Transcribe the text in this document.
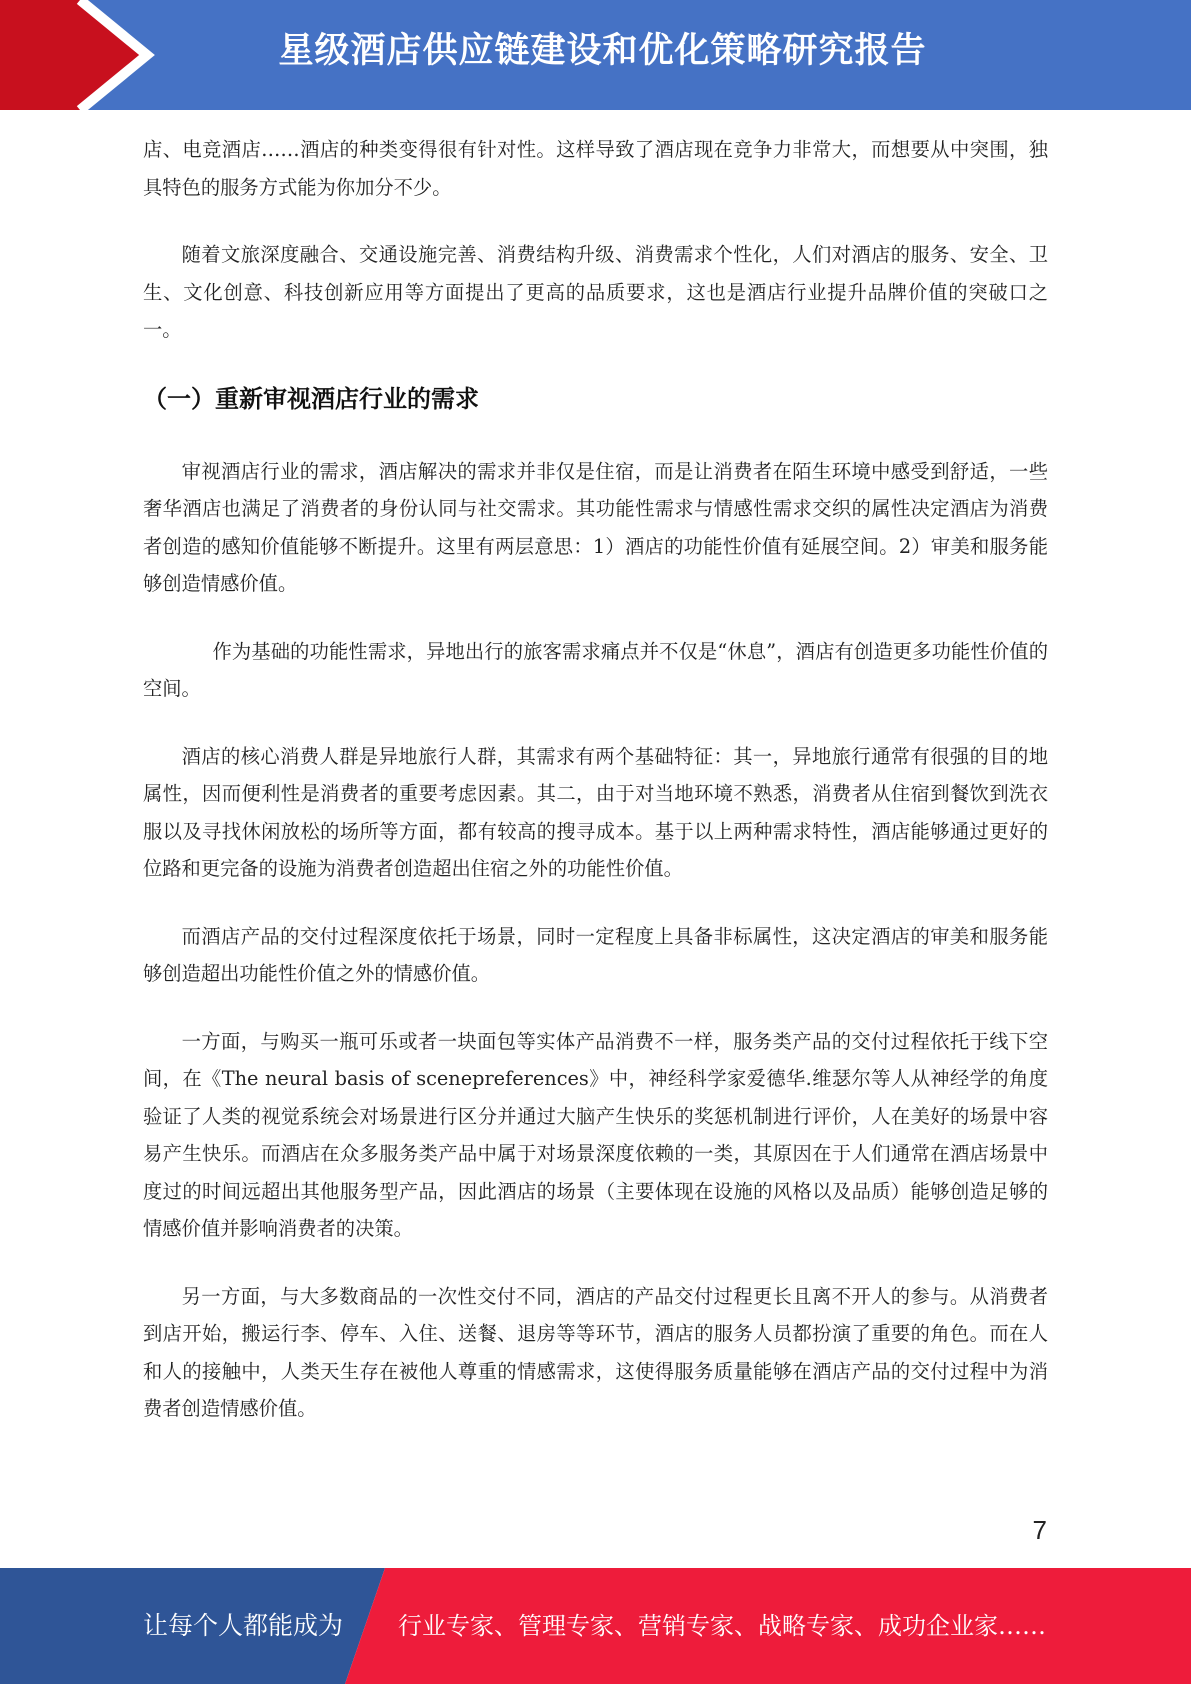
星级酒店供应链建设和优化策略研究报告

店、电竞酒店……酒店的种类变得很有针对性。这样导致了酒店现在竞争力非常大，而想要从中突围，独具特色的服务方式能为你加分不少。

随着文旅深度融合、交通设施完善、消费结构升级、消费需求个性化，人们对酒店的服务、安全、卫生、文化创意、科技创新应用等方面提出了更高的品质要求，这也是酒店行业提升品牌价值的突破口之一。

（一）重新审视酒店行业的需求

审视酒店行业的需求，酒店解决的需求并非仅是住宿，而是让消费者在陌生环境中感受到舒适，一些奢华酒店也满足了消费者的身份认同与社交需求。其功能性需求与情感性需求交织的属性决定酒店为消费者创造的感知价值能够不断提升。这里有两层意思：1）酒店的功能性价值有延展空间。2）审美和服务能够创造情感价值。

作为基础的功能性需求，异地出行的旅客需求痛点并不仅是“休息”，酒店有创造更多功能性价值的空间。

酒店的核心消费人群是异地旅行人群，其需求有两个基础特征：其一，异地旅行通常有很强的目的地属性，因而便利性是消费者的重要考虑因素。其二，由于对当地环境不熟悉，消费者从住宿到餐饮到洗衣服以及寻找休闲放松的场所等方面，都有较高的搜寻成本。基于以上两种需求特性，酒店能够通过更好的位路和更完备的设施为消费者创造超出住宿之外的功能性价值。

而酒店产品的交付过程深度依托于场景，同时一定程度上具备非标属性，这决定酒店的审美和服务能够创造超出功能性价值之外的情感价值。

一方面，与购买一瓶可乐或者一块面包等实体产品消费不一样，服务类产品的交付过程依托于线下空间，在《The neural basis of scenepreferences》中，神经科学家爱德华.维瑟尔等人从神经学的角度验证了人类的视觉系统会对场景进行区分并通过大脑产生快乐的奖惩机制进行评价，人在美好的场景中容易产生快乐。而酒店在众多服务类产品中属于对场景深度依赖的一类，其原因在于人们通常在酒店场景中度过的时间远超出其他服务型产品，因此酒店的场景（主要体现在设施的风格以及品质）能够创造足够的情感价值并影响消费者的决策。

另一方面，与大多数商品的一次性交付不同，酒店的产品交付过程更长且离不开人的参与。从消费者到店开始，搬运行李、停车、入住、送餐、退房等等环节，酒店的服务人员都扮演了重要的角色。而在人和人的接触中，人类天生存在被他人尊重的情感需求，这使得服务质量能够在酒店产品的交付过程中为消费者创造情感价值。

7
让每个人都能成为 行业专家、管理专家、营销专家、战略专家、成功企业家……
